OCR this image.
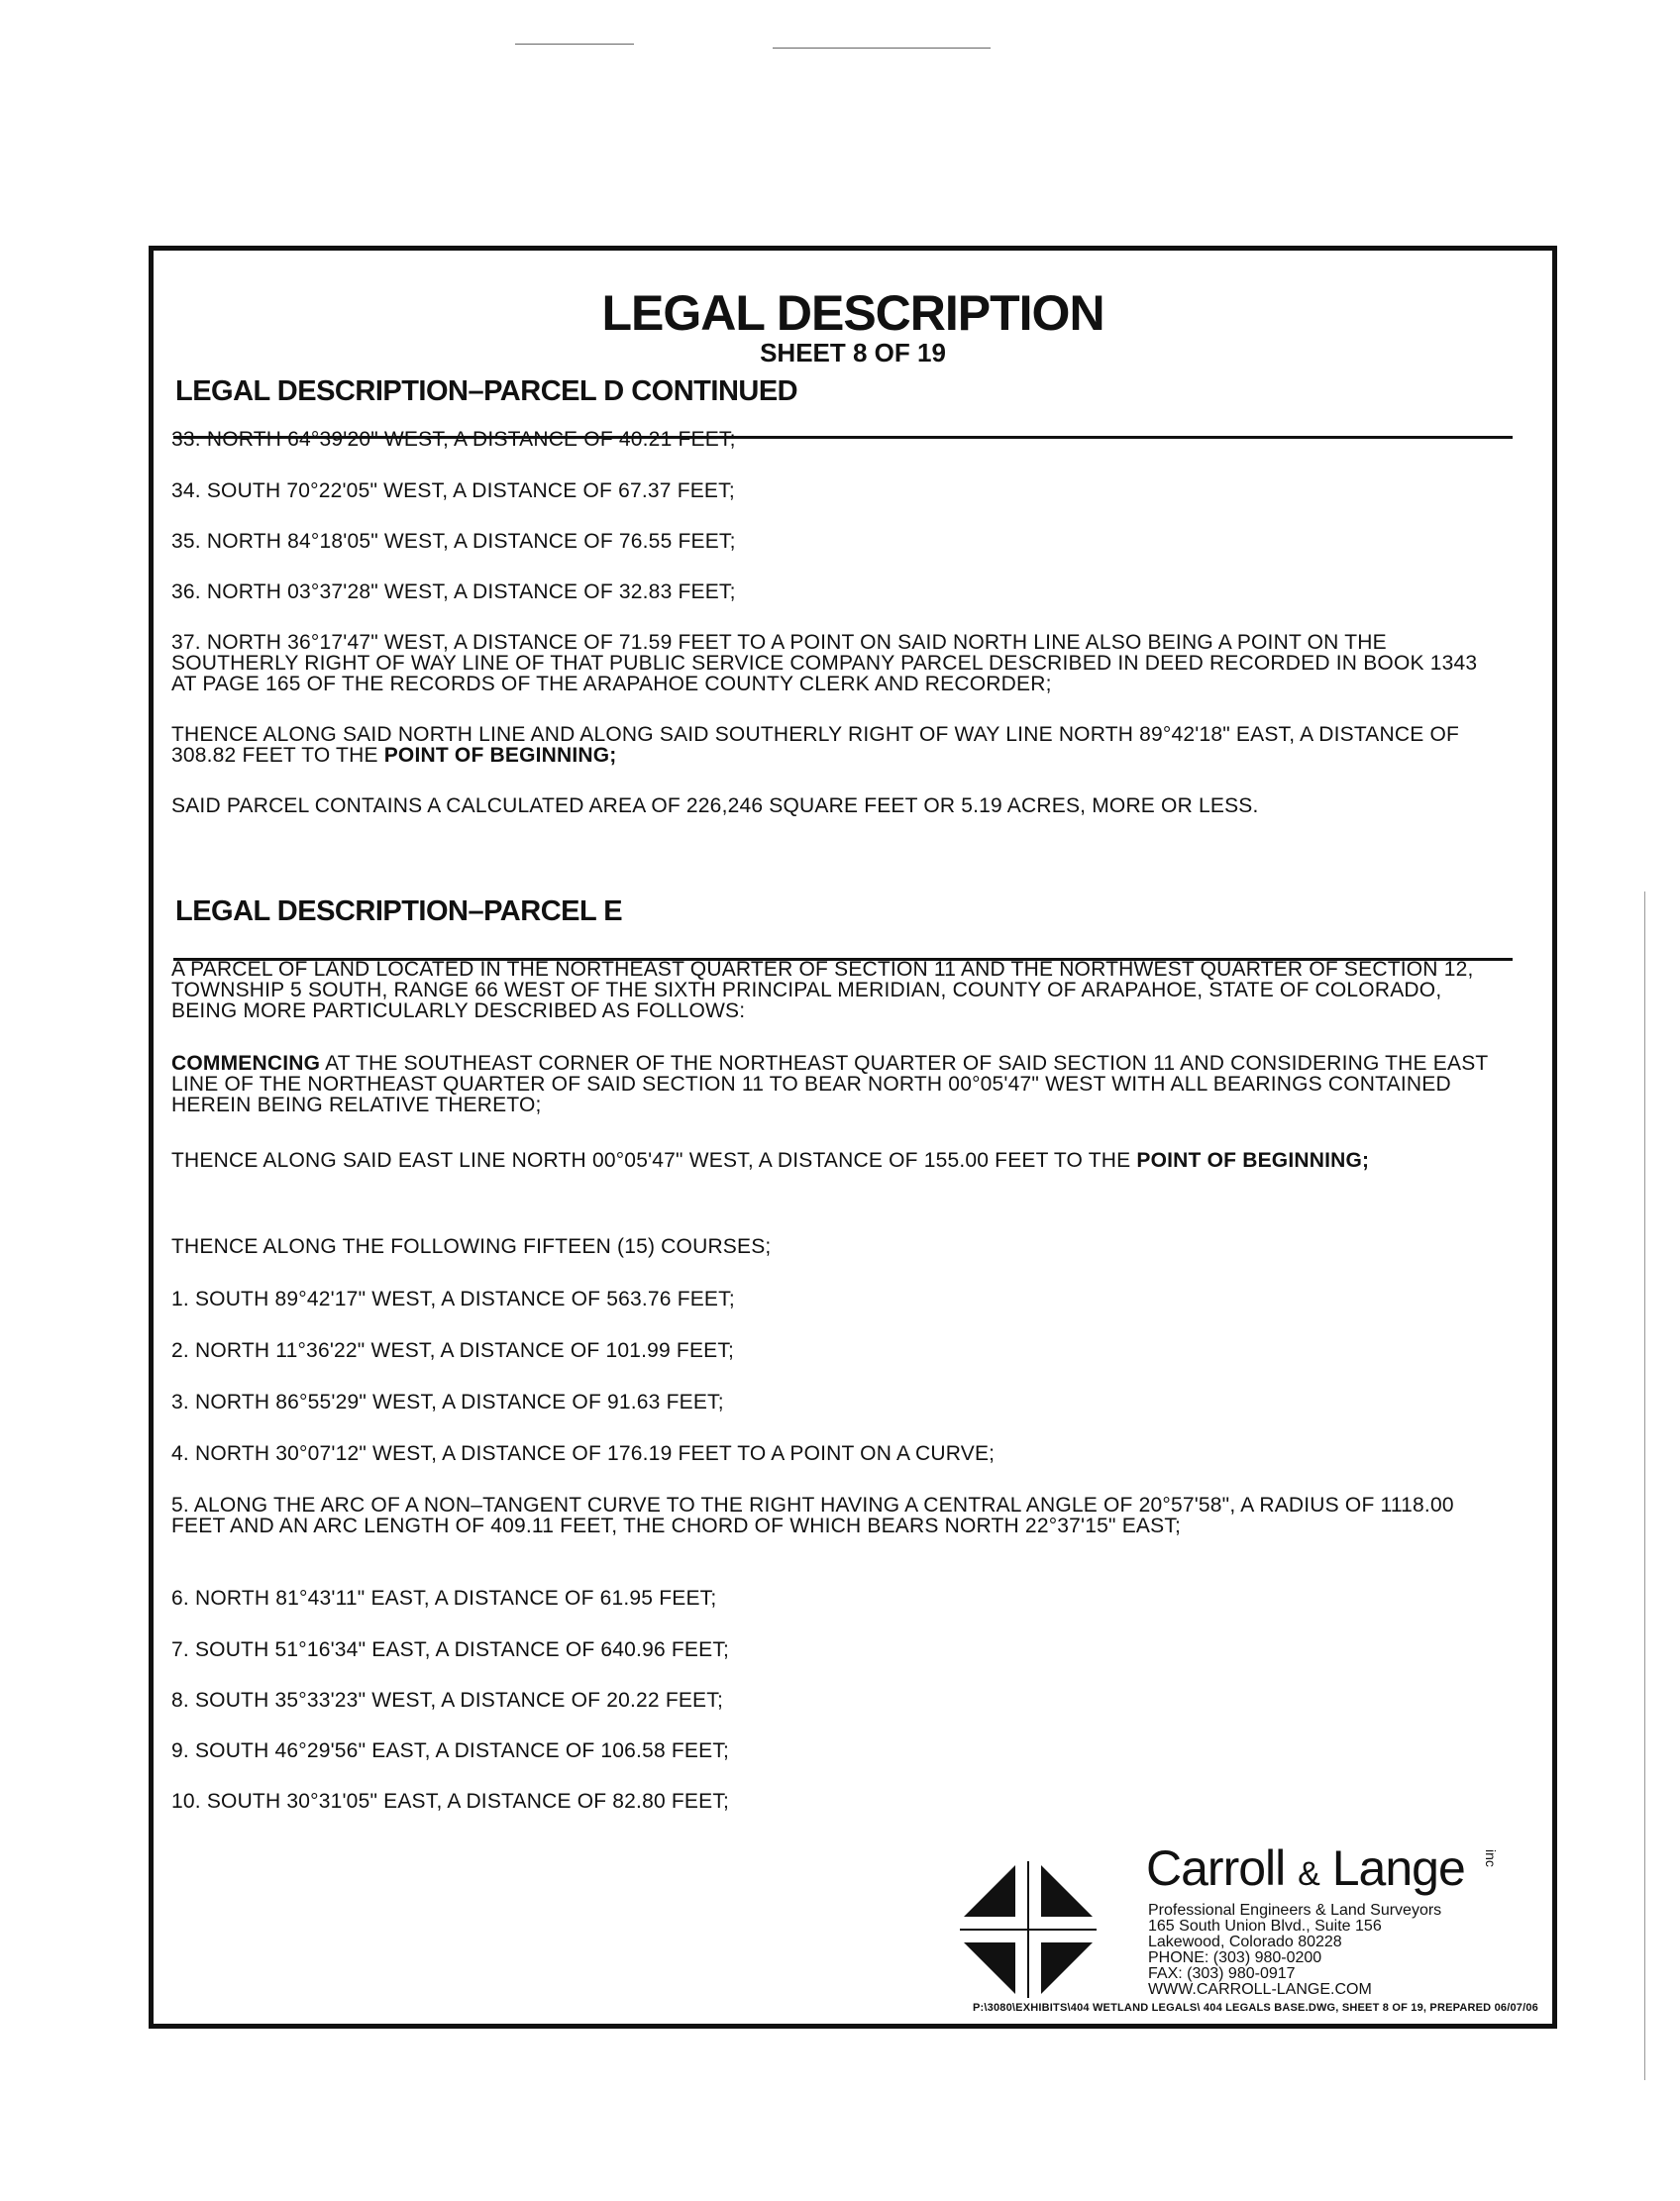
LEGAL DESCRIPTION
SHEET 8 OF 19
LEGAL DESCRIPTION–PARCEL D CONTINUED
33. NORTH 64°39'20" WEST, A DISTANCE OF 40.21 FEET;
34. SOUTH 70°22'05" WEST, A DISTANCE OF 67.37 FEET;
35. NORTH 84°18'05" WEST, A DISTANCE OF 76.55 FEET;
36. NORTH 03°37'28" WEST, A DISTANCE OF 32.83 FEET;
37. NORTH 36°17'47" WEST, A DISTANCE OF 71.59 FEET TO A POINT ON SAID NORTH LINE ALSO BEING A POINT ON THE SOUTHERLY RIGHT OF WAY LINE OF THAT PUBLIC SERVICE COMPANY PARCEL DESCRIBED IN DEED RECORDED IN BOOK 1343 AT PAGE 165 OF THE RECORDS OF THE ARAPAHOE COUNTY CLERK AND RECORDER;
THENCE ALONG SAID NORTH LINE AND ALONG SAID SOUTHERLY RIGHT OF WAY LINE NORTH 89°42'18" EAST, A DISTANCE OF 308.82 FEET TO THE POINT OF BEGINNING;
SAID PARCEL CONTAINS A CALCULATED AREA OF 226,246 SQUARE FEET OR 5.19 ACRES, MORE OR LESS.
LEGAL DESCRIPTION–PARCEL E
A PARCEL OF LAND LOCATED IN THE NORTHEAST QUARTER OF SECTION 11 AND THE NORTHWEST QUARTER OF SECTION 12, TOWNSHIP 5 SOUTH, RANGE 66 WEST OF THE SIXTH PRINCIPAL MERIDIAN, COUNTY OF ARAPAHOE, STATE OF COLORADO, BEING MORE PARTICULARLY DESCRIBED AS FOLLOWS:
COMMENCING AT THE SOUTHEAST CORNER OF THE NORTHEAST QUARTER OF SAID SECTION 11 AND CONSIDERING THE EAST LINE OF THE NORTHEAST QUARTER OF SAID SECTION 11 TO BEAR NORTH 00°05'47" WEST WITH ALL BEARINGS CONTAINED HEREIN BEING RELATIVE THERETO;
THENCE ALONG SAID EAST LINE NORTH 00°05'47" WEST, A DISTANCE OF 155.00 FEET TO THE POINT OF BEGINNING;
THENCE ALONG THE FOLLOWING FIFTEEN (15) COURSES;
1. SOUTH 89°42'17" WEST, A DISTANCE OF 563.76 FEET;
2. NORTH 11°36'22" WEST, A DISTANCE OF 101.99 FEET;
3. NORTH 86°55'29" WEST, A DISTANCE OF 91.63 FEET;
4. NORTH 30°07'12" WEST, A DISTANCE OF 176.19 FEET TO A POINT ON A CURVE;
5. ALONG THE ARC OF A NON–TANGENT CURVE TO THE RIGHT HAVING A CENTRAL ANGLE OF 20°57'58", A RADIUS OF 1118.00 FEET AND AN ARC LENGTH OF 409.11 FEET, THE CHORD OF WHICH BEARS NORTH 22°37'15" EAST;
6. NORTH 81°43'11" EAST, A DISTANCE OF 61.95 FEET;
7. SOUTH 51°16'34" EAST, A DISTANCE OF 640.96 FEET;
8. SOUTH 35°33'23" WEST, A DISTANCE OF 20.22 FEET;
9. SOUTH 46°29'56" EAST, A DISTANCE OF 106.58 FEET;
10. SOUTH 30°31'05" EAST, A DISTANCE OF 82.80 FEET;
Carroll & Lange inc
Professional Engineers & Land Surveyors
165 South Union Blvd., Suite 156
Lakewood, Colorado 80228
PHONE: (303) 980-0200
FAX: (303) 980-0917
WWW.CARROLL-LANGE.COM
P:\3080\EXHIBITS\404 WETLAND LEGALS\ 404 LEGALS BASE.DWG, SHEET 8 OF 19, PREPARED 06/07/06
